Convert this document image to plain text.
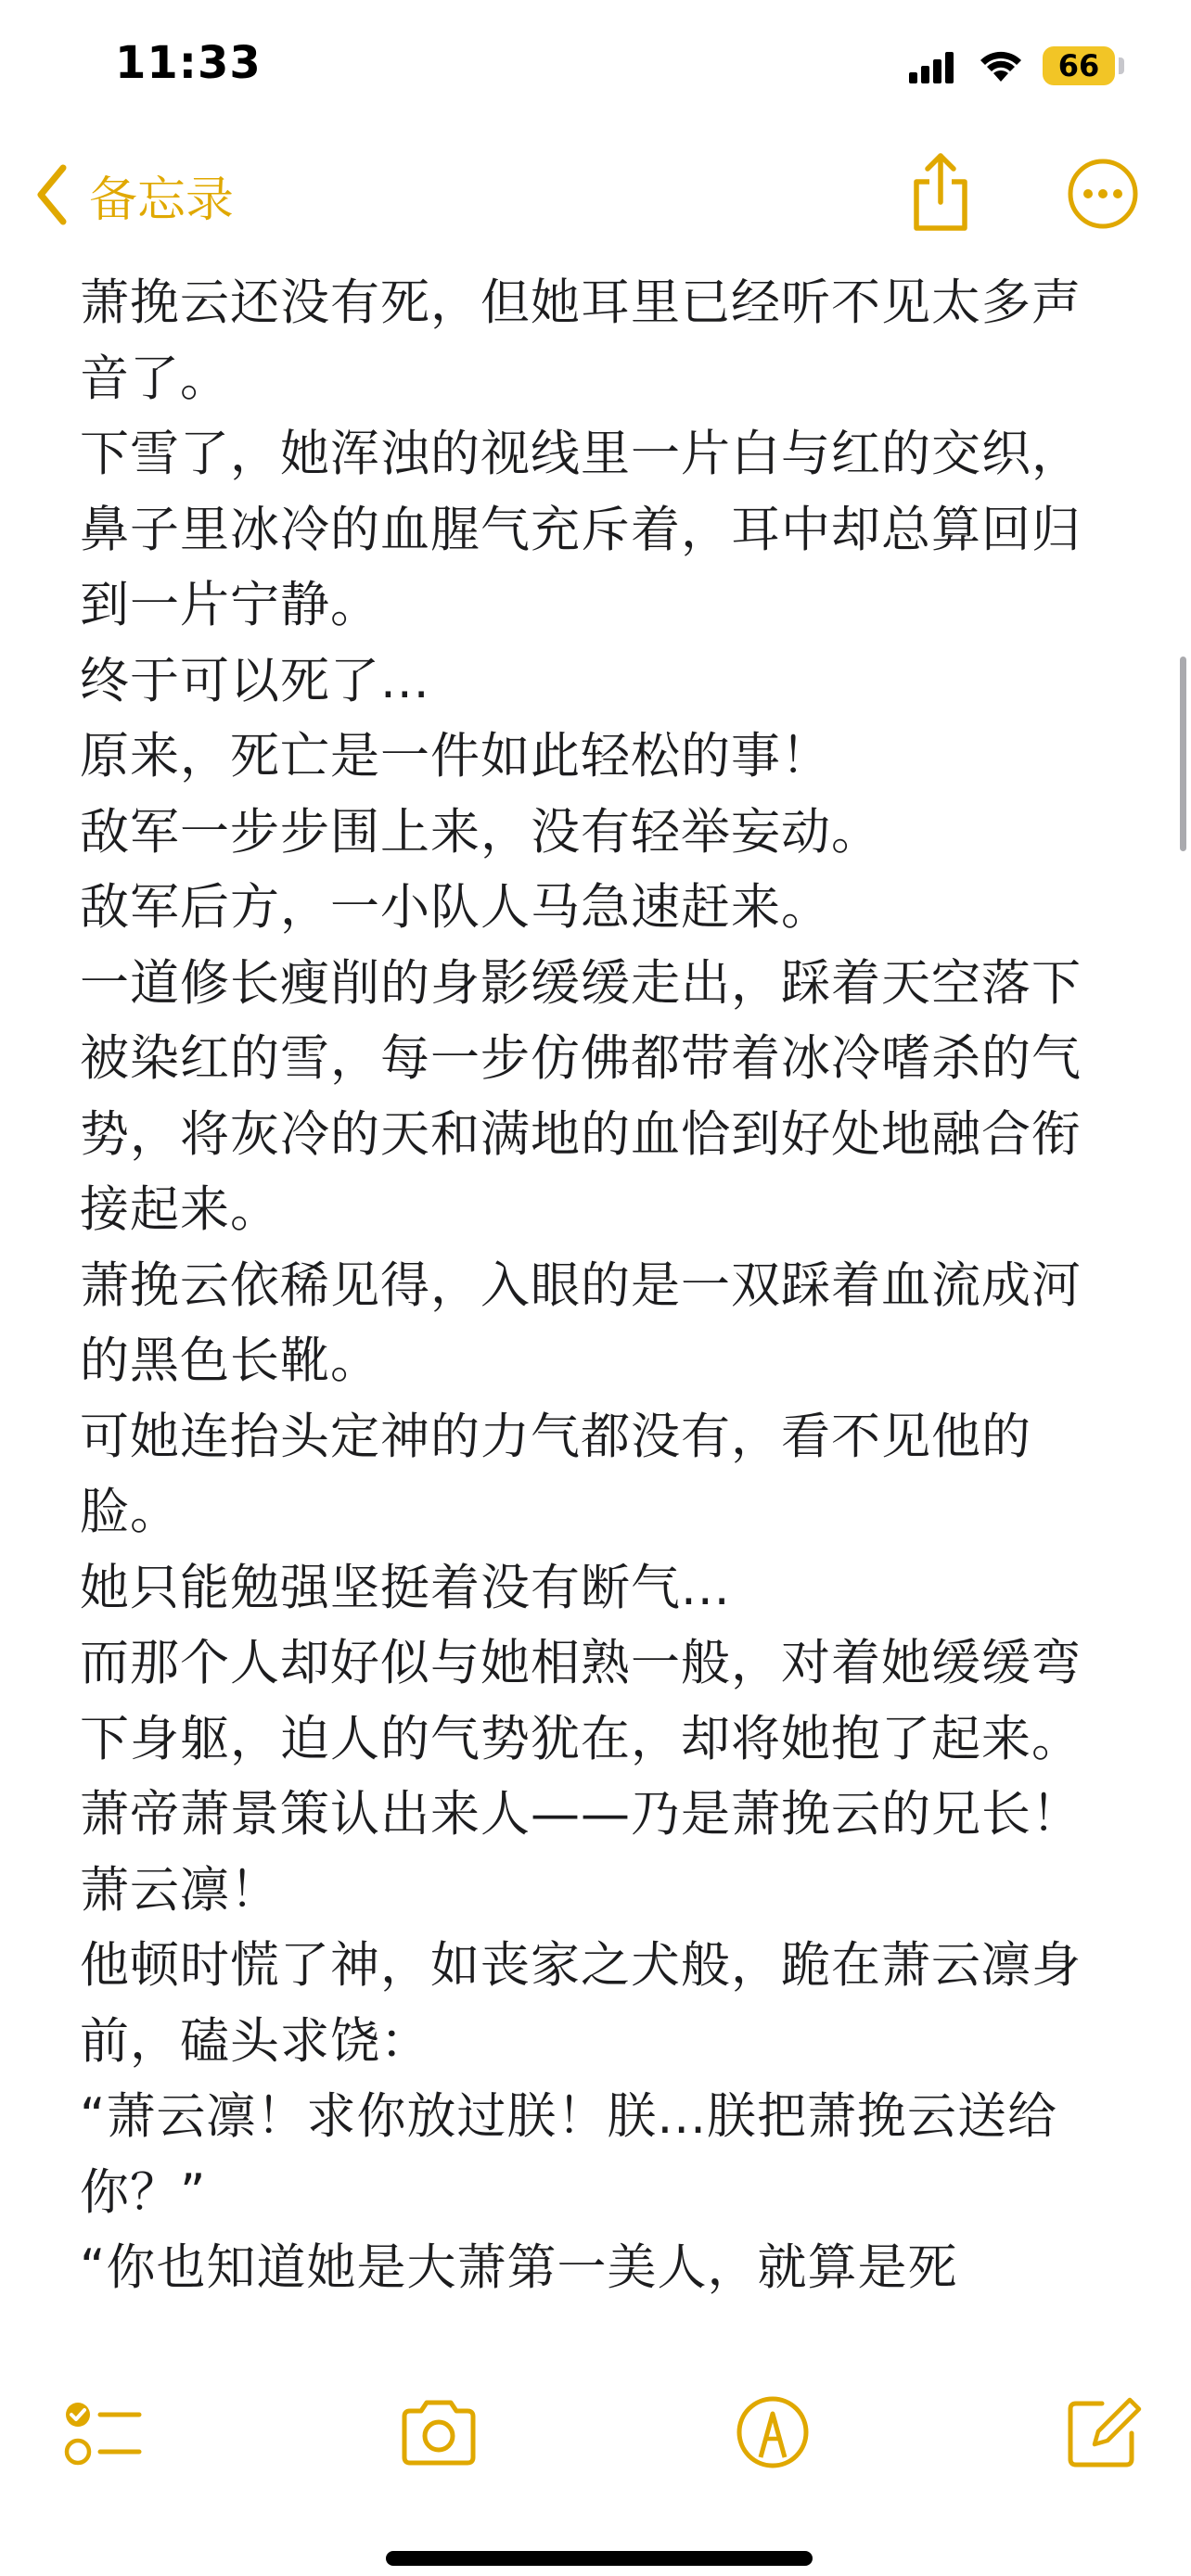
11:33	66
备忘录

萧挽云还没有死，但她耳里已经听不见太多声音了。

下雪了，她浑浊的视线里一片白与红的交织，鼻子里冰冷的血腥气充斥着，耳中却总算回归到一片宁静。

终于可以死了...

原来，死亡是一件如此轻松的事！

敌军一步步围上来，没有轻举妄动。

敌军后方，一小队人马急速赶来。

一道修长瘦削的身影缓缓走出，踩着天空落下被染红的雪，每一步仿佛都带着冰冷嗜杀的气势，将灰冷的天和满地的血恰到好处地融合衔接起来。

萧挽云依稀见得，入眼的是一双踩着血流成河的黑色长靴。

可她连抬头定神的力气都没有，看不见他的脸。

她只能勉强坚挺着没有断气...

而那个人却好似与她相熟一般，对着她缓缓弯下身躯，迫人的气势犹在，却将她抱了起来。

萧帝萧景策认出来人——乃是萧挽云的兄长！萧云凛！

他顿时慌了神，如丧家之犬般，跪在萧云凛身前，磕头求饶：

“萧云凛！求你放过朕！朕...朕把萧挽云送给你？”

“你也知道她是大萧第一美人，就算是死
